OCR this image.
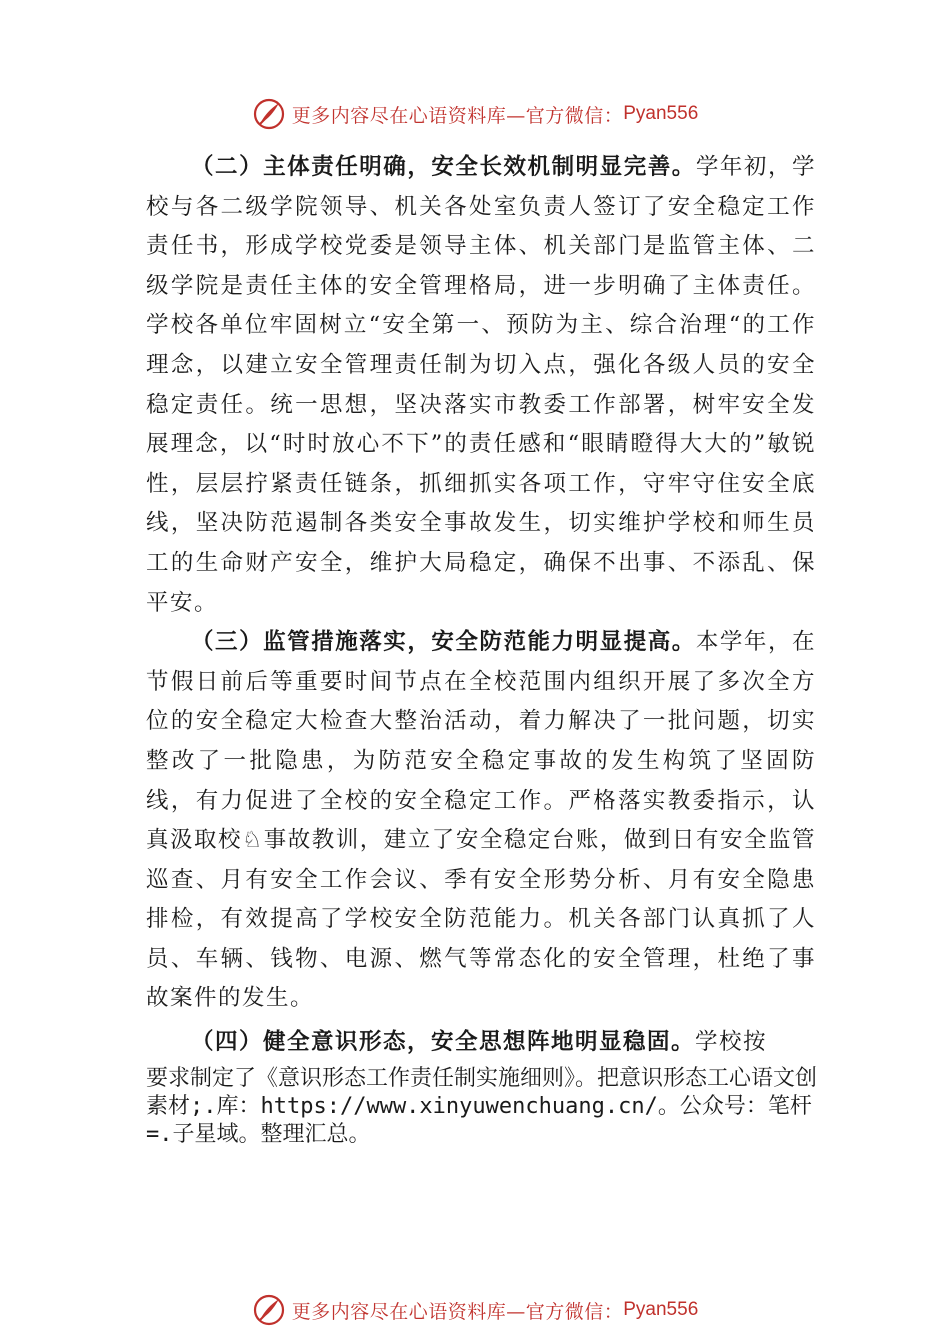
更多内容尽在心语资料库—官方微信： Pyan556

（二）主体责任明确，安全长效机制明显完善。学年初，学校与各二级学院领导、机关各处室负责人签订了安全稳定工作责任书，形成学校党委是领导主体、机关部门是监管主体、二级学院是责任主体的安全管理格局，进一步明确了主体责任。学校各单位牢固树立“安全第一、预防为主、综合治理“的工作理念，以建立安全管理责任制为切入点，强化各级人员的安全稳定责任。统一思想，坚决落实市教委工作部署，树牢安全发展理念，以“时时放心不下”的责任感和“眼睛瞪得大大的”敏锐性，层层拧紧责任链条，抓细抓实各项工作，守牢守住安全底线，坚决防范遏制各类安全事故发生，切实维护学校和师生员工的生命财产安全，维护大局稳定，确保不出事、不添乱、保平安。

（三）监管措施落实，安全防范能力明显提高。本学年，在节假日前后等重要时间节点在全校范围内组织开展了多次全方位的安全稳定大检查大整治活动，着力解决了一批问题，切实整改了一批隐患，为防范安全稳定事故的发生构筑了坚固防线，有力促进了全校的安全稳定工作。严格落实教委指示，认真汲取校♘事故教训，建立了安全稳定台账，做到日有安全监管巡查、月有安全工作会议、季有安全形势分析、月有安全隐患排检，有效提高了学校安全防范能力。机关各部门认真抓了人员、车辆、钱物、电源、燃气等常态化的安全管理，杜绝了事故案件的发生。

（四）健全意识形态，安全思想阵地明显稳固。学校按

要求制定了《意识形态工作责任制实施细则》。把意识形态工心语文创素材;.库：https://www.xinyuwenchuang.cn/。公众号：笔杆=.子星域。整理汇总。

更多内容尽在心语资料库—官方微信： Pyan556
